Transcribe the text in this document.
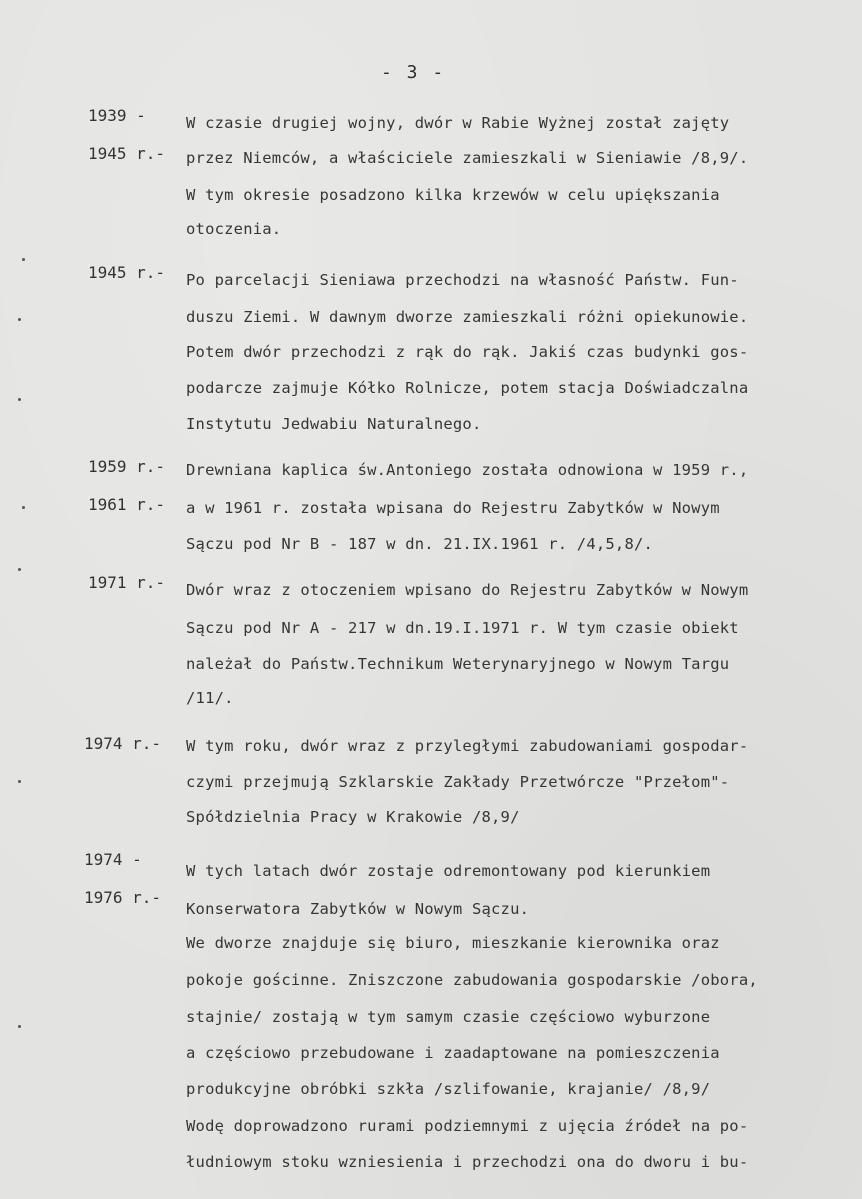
- 3 -
1939 -
1945 r.-
W czasie drugiej wojny, dwór w Rabie Wyżnej został zajęty
przez Niemców, a właściciele zamieszkali w Sieniawie /8,9/.
W tym okresie posadzono kilka krzewów w celu upiększania
otoczenia.
1945 r.- Po parcelacji Sieniawa przechodzi na własność Państw. Fun-
duszu Ziemi. W dawnym dworze zamieszkali różni opiekunowie.
Potem dwór przechodzi z rąk do rąk. Jakiś czas budynki gos-
podarcze zajmuje Kółko Rolnicze, potem stacja Doświadczalna
Instytutu Jedwabiu Naturalnego.
1959 r.-
1961 r.-
Drewniana kaplica św.Antoniego została odnowiona w 1959 r.,
a w 1961 r. została wpisana do Rejestru Zabytków w Nowym
Sączu pod Nr B - 187 w dn. 21.IX.1961 r. /4,5,8/.
1971 r.- Dwór wraz z otoczeniem wpisano do Rejestru Zabytków w Nowym
Sączu pod Nr A - 217 w dn.19.I.1971 r. W tym czasie obiekt
należał do Państw.Technikum Weterynaryjnego w Nowym Targu
/11/.
1974 r.- W tym roku, dwór wraz z przyległymi zabudowaniami gospodar-
czymi przejmują Szklarskie Zakłady Przetwórcze "Przełom"-
Spółdzielnia Pracy w Krakowie /8,9/
1974 -
1976 r.-
W tych latach dwór zostaje odremontowany pod kierunkiem
Konserwatora Zabytków w Nowym Sączu.
We dworze znajduje się biuro, mieszkanie kierownika oraz
pokoje gościnne. Zniszczone zabudowania gospodarskie /obora,
stajnie/ zostają w tym samym czasie częściowo wyburzone
a częściowo przebudowane i zaadaptowane na pomieszczenia
produkcyjne obróbki szkła /szlifowanie, krajanie/ /8,9/
Wodę doprowadzono rurami podziemnymi z ujęcia źródeł na po-
łudniowym stoku wzniesienia i przechodzi ona do dworu i bu-
